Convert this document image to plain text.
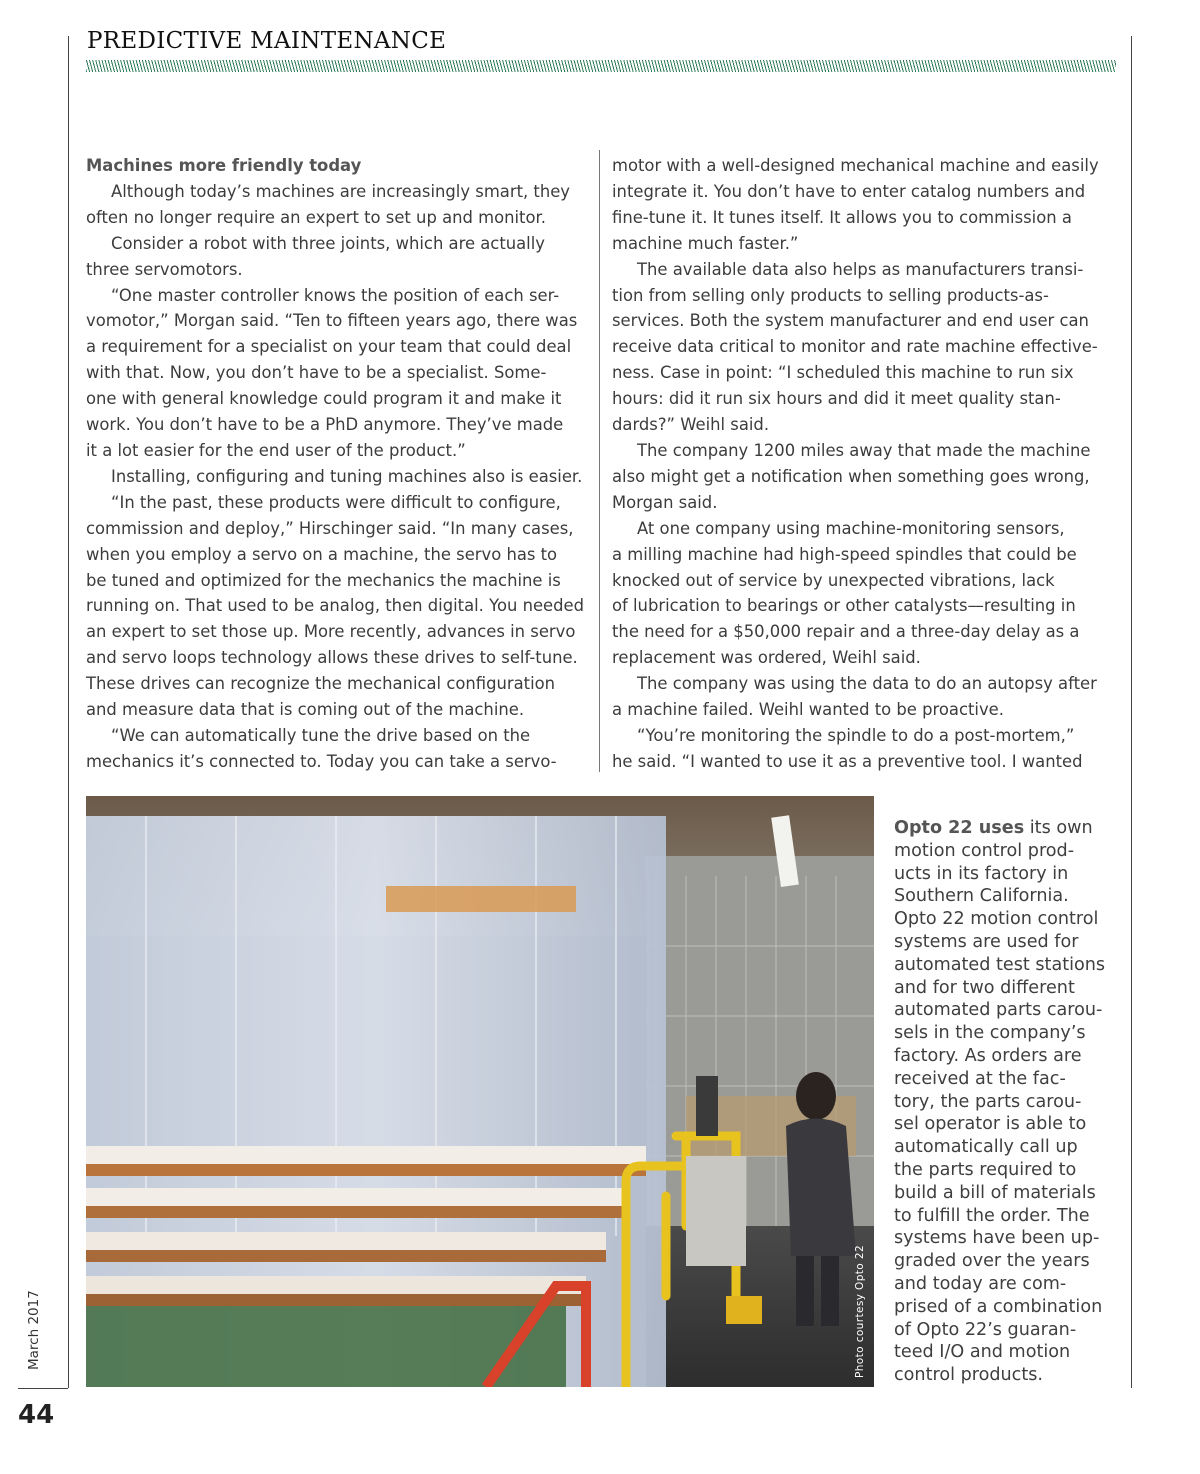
PREDICTIVE MAINTENANCE

Machines more friendly today

Although today’s machines are increasingly smart, they
often no longer require an expert to set up and monitor.

Consider a robot with three joints, which are actually
three servomotors.

“One master controller knows the position of each ser-
vomotor,” Morgan said. “Ten to fifteen years ago, there was
a requirement for a specialist on your team that could deal
with that. Now, you don’t have to be a specialist. Some-
one with general knowledge could program it and make it
work. You don’t have to be a PhD anymore. They’ve made
it a lot easier for the end user of the product.”

Installing, configuring and tuning machines also is easier.

“In the past, these products were difficult to configure,
commission and deploy,” Hirschinger said. “In many cases,
when you employ a servo on a machine, the servo has to
be tuned and optimized for the mechanics the machine is
running on. That used to be analog, then digital. You needed
an expert to set those up. More recently, advances in servo
and servo loops technology allows these drives to self-tune.
These drives can recognize the mechanical configuration
and measure data that is coming out of the machine.

“We can automatically tune the drive based on the
mechanics it’s connected to. Today you can take a servo-

motor with a well-designed mechanical machine and easily
integrate it. You don’t have to enter catalog numbers and
fine-tune it. It tunes itself. It allows you to commission a
machine much faster.”

The available data also helps as manufacturers transi-
tion from selling only products to selling products-as-
services. Both the system manufacturer and end user can
receive data critical to monitor and rate machine effective-
ness. Case in point: “I scheduled this machine to run six
hours: did it run six hours and did it meet quality stan-
dards?” Weihl said.

The company 1200 miles away that made the machine
also might get a notification when something goes wrong,
Morgan said.

At one company using machine-monitoring sensors,
a milling machine had high-speed spindles that could be
knocked out of service by unexpected vibrations, lack
of lubrication to bearings or other catalysts—resulting in
the need for a $50,000 repair and a three-day delay as a
replacement was ordered, Weihl said.

The company was using the data to do an autopsy after
a machine failed. Weihl wanted to be proactive.

“You’re monitoring the spindle to do a post-mortem,”
he said. “I wanted to use it as a preventive tool. I wanted

Photo courtesy Opto 22
Opto 22 uses its own
motion control prod-
ucts in its factory in
Southern California.
Opto 22 motion control
systems are used for
automated test stations
and for two different
automated parts carou-
sels in the company’s
factory. As orders are
received at the fac-
tory, the parts carou-
sel operator is able to
automatically call up
the parts required to
build a bill of materials
to fulfill the order. The
systems have been up-
graded over the years
and today are com-
prised of a combination
of Opto 22’s guaran-
teed I/O and motion
control products.
March 2017
44
